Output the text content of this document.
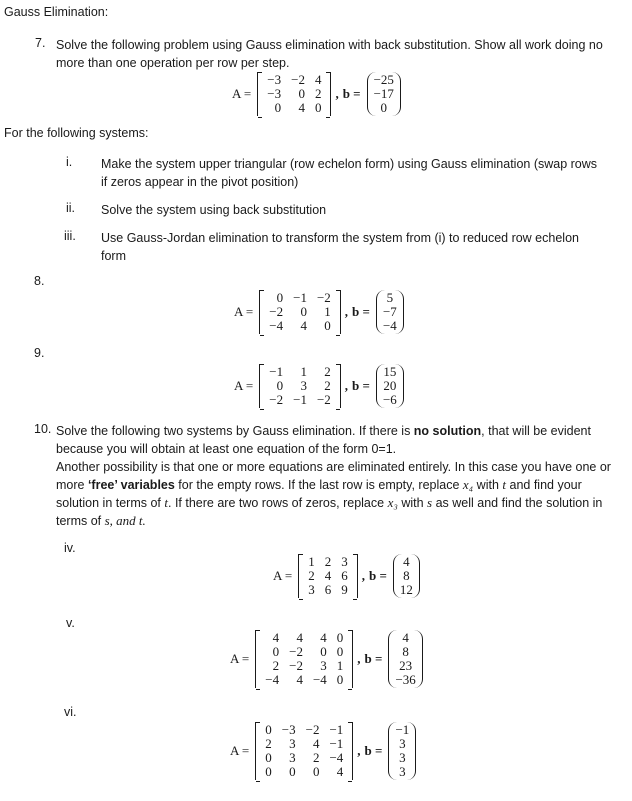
Gauss Elimination:
7. Solve the following problem using Gauss elimination with back substitution. Show all work doing no more than one operation per row per step.
A =
−3 −2 4
−3	0 2
0	4 0
, b =
−25
−17
0
For the following systems:
i. Make the system upper triangular (row echelon form) using Gauss elimination (swap rows if zeros appear in the pivot position)
ii. Solve the system using back substitution
iii. Use Gauss-Jordan elimination to transform the system from (i) to reduced row echelon form
8.
A =
0 −1 −2
−2	0	1
−4	4	0
, b =
5
−7
−4
9.
A =
−1	1	2
0	3	2
−2 −1 −2
, b =
15
20
−6
10. Solve the following two systems by Gauss elimination. If there is no solution, that will be evident because you will obtain at least one equation of the form 0=1.
Another possibility is that one or more equations are eliminated entirely. In this case you have one or more ‘free’ variables for the empty rows. If the last row is empty, replace x₄ with t and find your solution in terms of t. If there are two rows of zeros, replace x₃ with s as well and find the solution in terms of s, and t.
iv.
A =
1 2 3
2 4 6
3 6 9
, b =
4
8
12
v.
A =
4	4	4 0
0 −2	0 0
2 −2	3 1
−4	4 −4 0
, b =
4
8
23
−36
vi.
A =
0 −3 −2 −1
2	3	4 −1
0	3	2 −4
0	0	0	4
, b =
−1
3
3
3
